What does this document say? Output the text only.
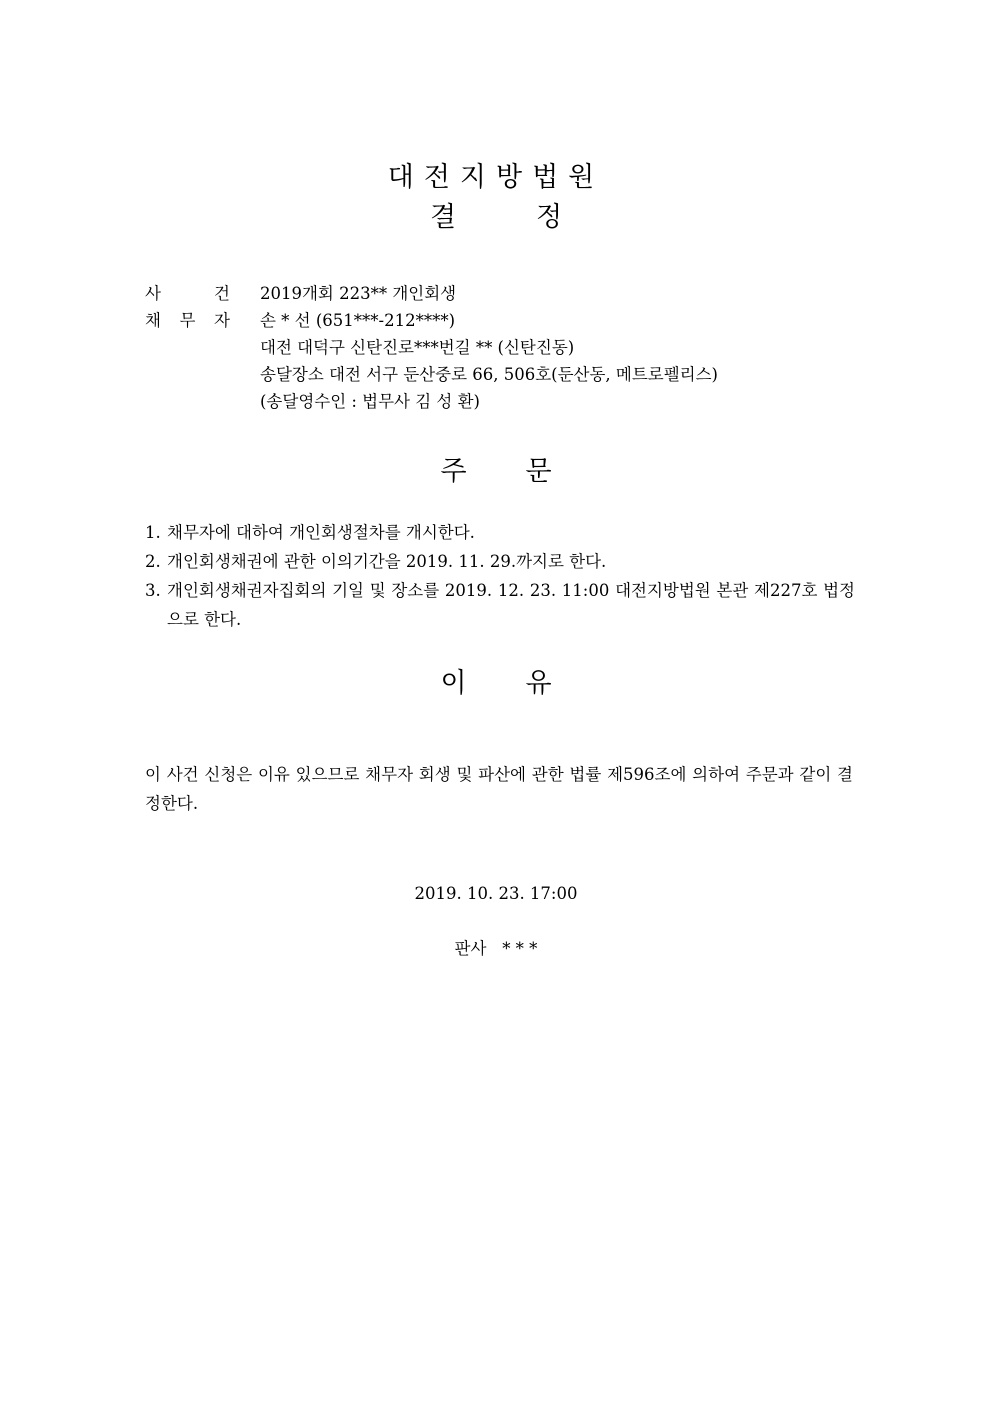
대전지방법원
결	정
사	건 2019개회 223** 개인회생
채 무 자 손 * 선 (651***-212****)
대전 대덕구 신탄진로***번길 ** (신탄진동)
송달장소 대전 서구 둔산중로 66, 506호(둔산동, 메트로펠리스)
(송달영수인 : 법무사 김 성 환)
주 문
1. 채무자에 대하여 개인회생절차를 개시한다.
2. 개인회생채권에 관한 이의기간을 2019. 11. 29.까지로 한다.
3. 개인회생채권자집회의 기일 및 장소를 2019. 12. 23. 11:00 대전지방법원 본관 제227호 법정으로 한다.
이 유
이 사건 신청은 이유 있으므로 채무자 회생 및 파산에 관한 법률 제596조에 의하여 주문과 같이 결정한다.
2019. 10. 23. 17:00
판사 * * *
